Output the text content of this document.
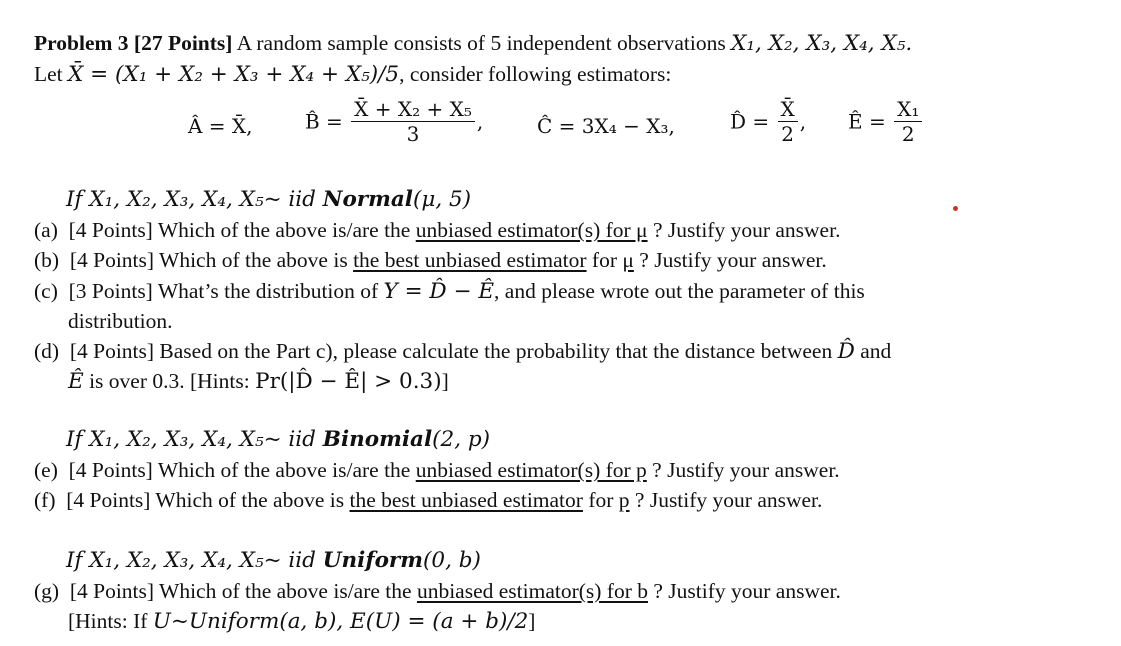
Problem 3 [27 Points] A random sample consists of 5 independent observations X₁, X₂, X₃, X₄, X₅.
Let X̄ = (X₁ + X₂ + X₃ + X₄ + X₅)/5, consider following estimators:
Â = X̄,	B̂ = $\frac{\text{X̄ + X₂ + X₅}}{3}$ ,	Ĉ = 3X₄ − X₃,	D̂ = $\frac{X̄}{2}$ , Ê = $\frac{\text{X₁}}{2}$
If X₁, X₂, X₃, X₄, X₅~ iid Normal(μ, 5)
(a) [4 Points] Which of the above is/are the unbiased estimator(s) for μ ? Justify your answer.
(b) [4 Points] Which of the above is the best unbiased estimator for μ ? Justify your answer.
(c) [3 Points] What’s the distribution of Y = D̂ − Ê, and please wrote out the parameter of this
distribution.
(d) [4 Points] Based on the Part c), please calculate the probability that the distance between D̂ and
Ê is over 0.3. [Hints: Pr(|D̂ − Ê| > 0.3)]
If X₁, X₂, X₃, X₄, X₅~ iid Binomial(2, p)
(e) [4 Points] Which of the above is/are the unbiased estimator(s) for p ? Justify your answer.
(f) [4 Points] Which of the above is the best unbiased estimator for p ? Justify your answer.
If X₁, X₂, X₃, X₄, X₅~ iid Uniform(0, b)
(g) [4 Points] Which of the above is/are the unbiased estimator(s) for b ? Justify your answer.
[Hints: If U~Uniform(a, b), E(U) = (a + b)/2]
